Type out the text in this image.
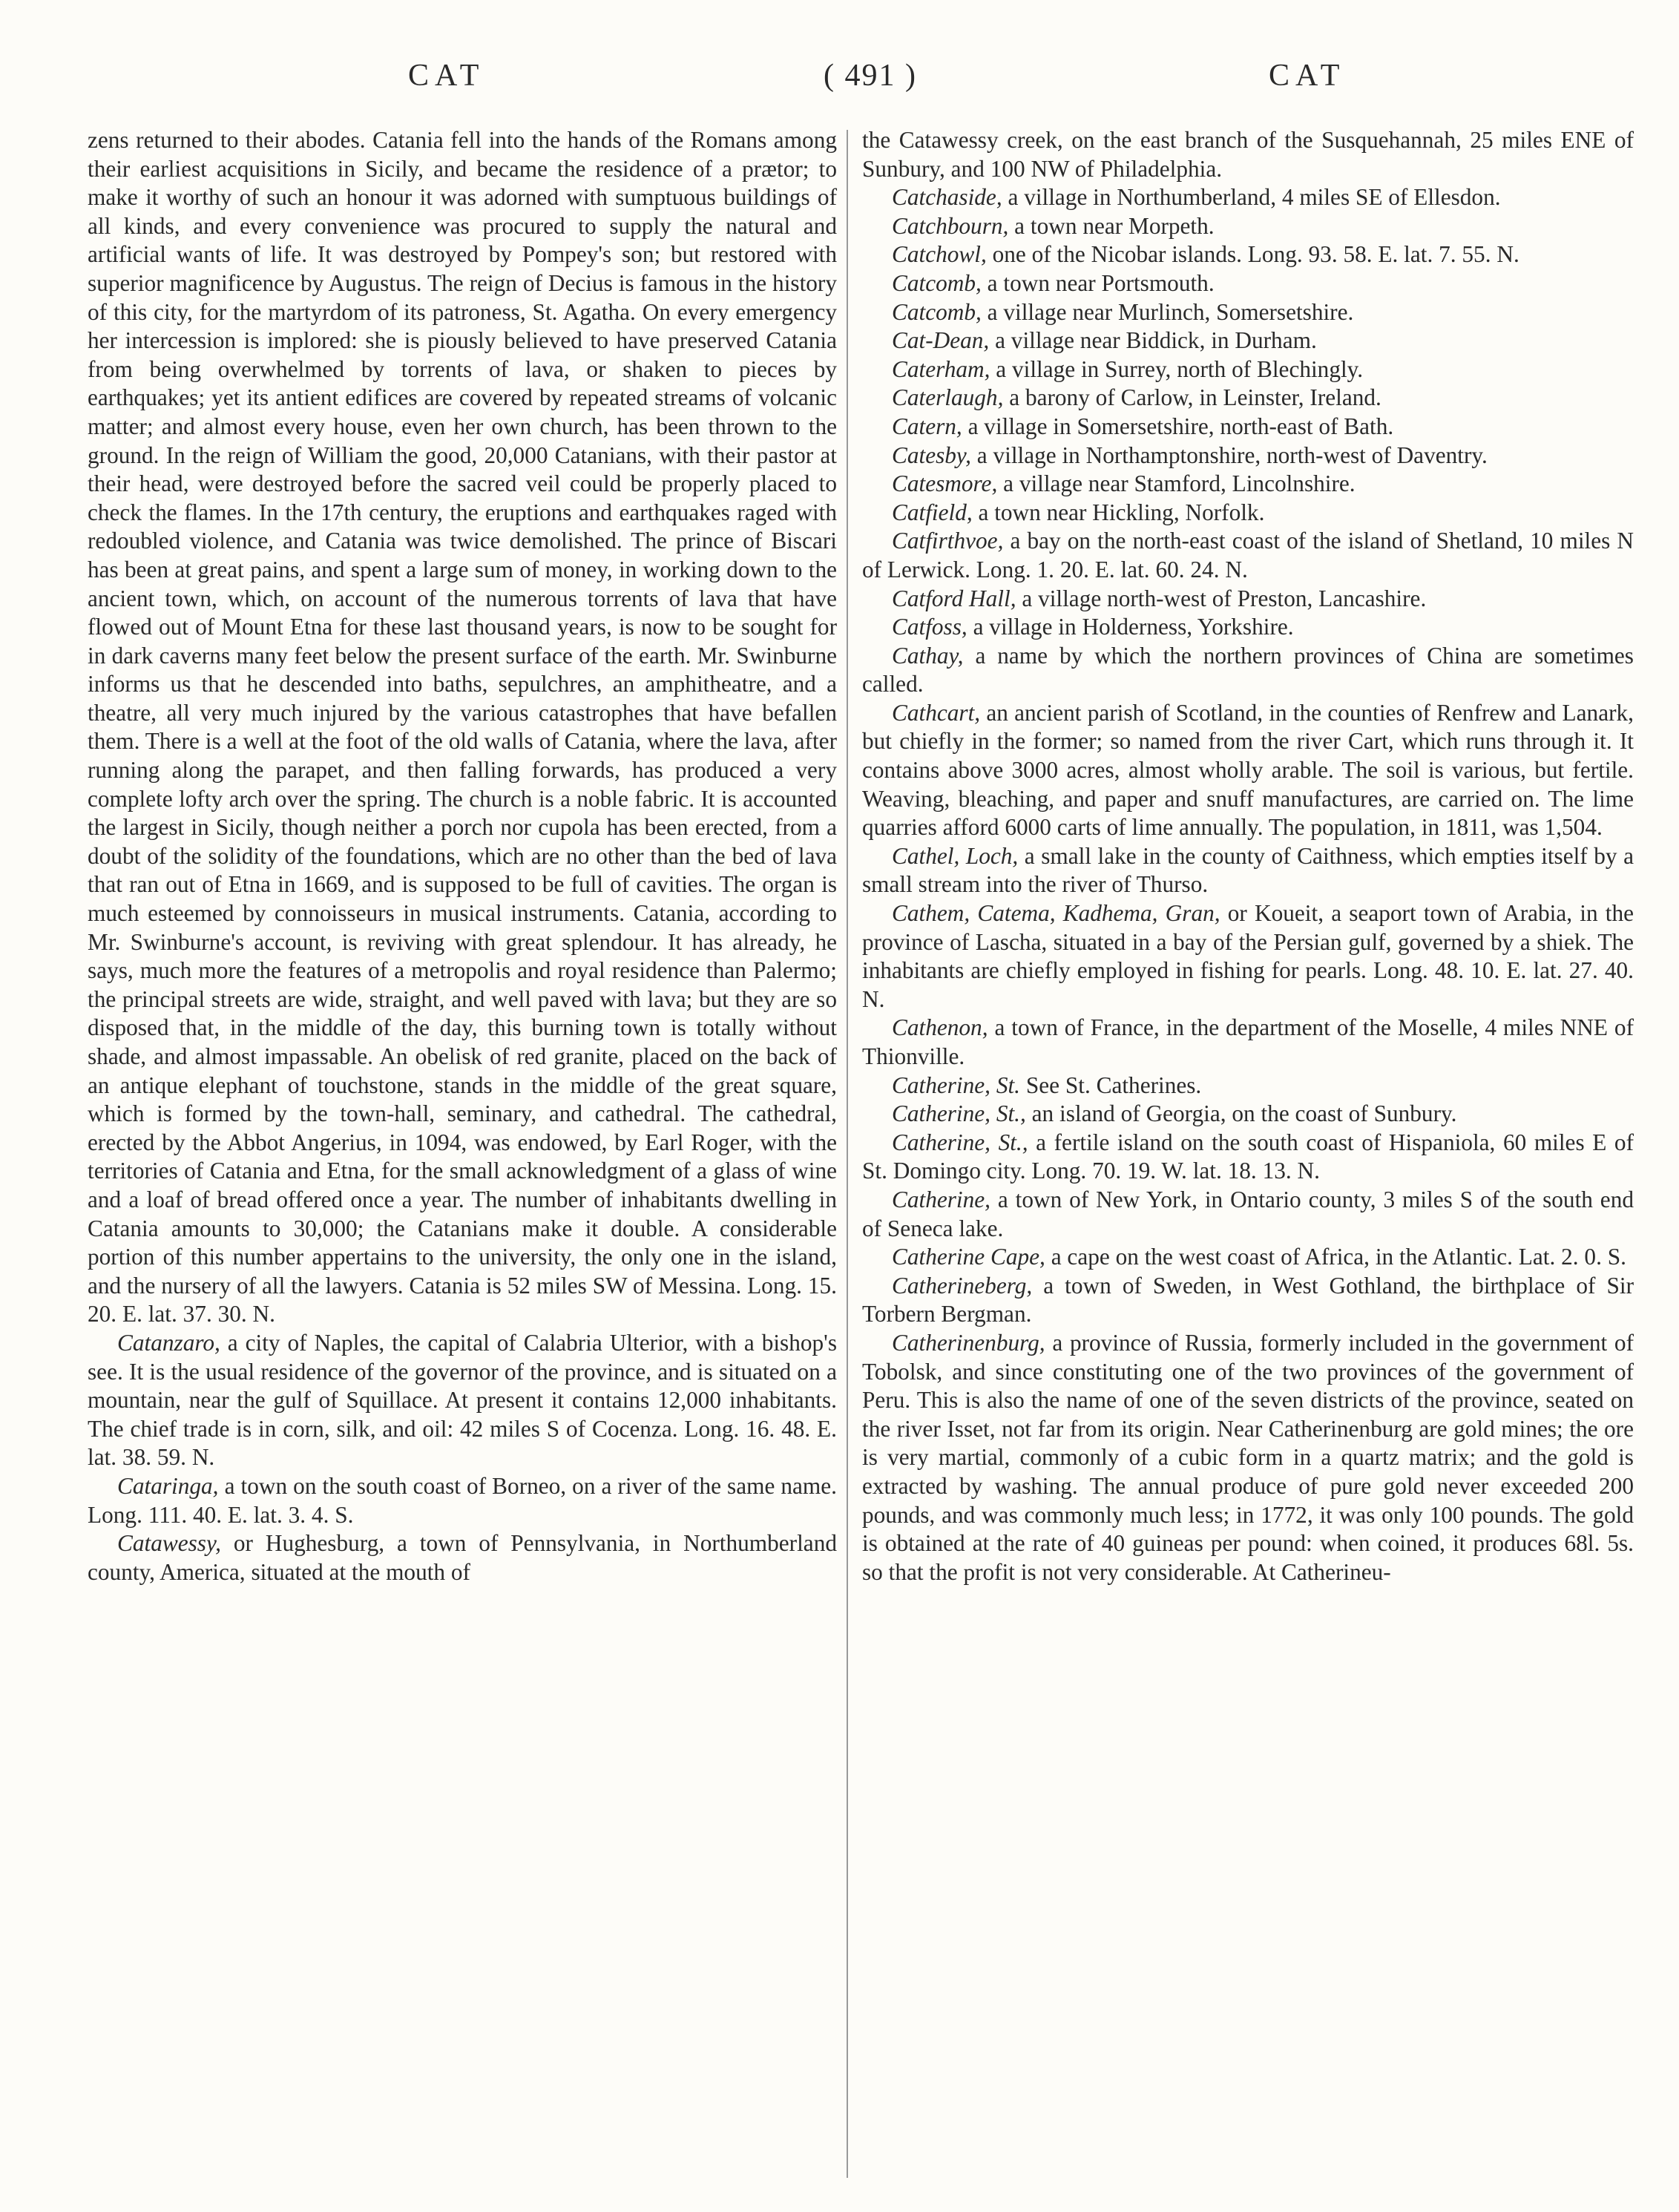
CAT	( 491 )	CAT

zens returned to their abodes. Catania fell into the hands of the Romans among their earliest acquisitions in Sicily, and became the residence of a prætor; to make it worthy of such an honour it was adorned with sumptuous buildings of all kinds, and every convenience was procured to supply the natural and artificial wants of life. It was destroyed by Pompey's son; but restored with superior magnificence by Augustus. The reign of Decius is famous in the history of this city, for the martyrdom of its patroness, St. Agatha. On every emergency her intercession is implored: she is piously believed to have preserved Catania from being overwhelmed by torrents of lava, or shaken to pieces by earthquakes; yet its antient edifices are covered by repeated streams of volcanic matter; and almost every house, even her own church, has been thrown to the ground. In the reign of William the good, 20,000 Catanians, with their pastor at their head, were destroyed before the sacred veil could be properly placed to check the flames. In the 17th century, the eruptions and earthquakes raged with redoubled violence, and Catania was twice demolished. The prince of Biscari has been at great pains, and spent a large sum of money, in working down to the ancient town, which, on account of the numerous torrents of lava that have flowed out of Mount Etna for these last thousand years, is now to be sought for in dark caverns many feet below the present surface of the earth. Mr. Swinburne informs us that he descended into baths, sepulchres, an amphitheatre, and a theatre, all very much injured by the various catastrophes that have befallen them. There is a well at the foot of the old walls of Catania, where the lava, after running along the parapet, and then falling forwards, has produced a very complete lofty arch over the spring. The church is a noble fabric. It is accounted the largest in Sicily, though neither a porch nor cupola has been erected, from a doubt of the solidity of the foundations, which are no other than the bed of lava that ran out of Etna in 1669, and is supposed to be full of cavities. The organ is much esteemed by connoisseurs in musical instruments. Catania, according to Mr. Swinburne's account, is reviving with great splendour. It has already, he says, much more the features of a metropolis and royal residence than Palermo; the principal streets are wide, straight, and well paved with lava; but they are so disposed that, in the middle of the day, this burning town is totally without shade, and almost impassable. An obelisk of red granite, placed on the back of an antique elephant of touchstone, stands in the middle of the great square, which is formed by the town-hall, seminary, and cathedral. The cathedral, erected by the Abbot Angerius, in 1094, was endowed, by Earl Roger, with the territories of Catania and Etna, for the small acknowledgment of a glass of wine and a loaf of bread offered once a year. The number of inhabitants dwelling in Catania amounts to 30,000; the Catanians make it double. A considerable portion of this number appertains to the university, the only one in the island, and the nursery of all the lawyers. Catania is 52 miles SW of Messina. Long. 15. 20. E. lat. 37. 30. N.

Catanzaro, a city of Naples, the capital of Calabria Ulterior, with a bishop's see. It is the usual residence of the governor of the province, and is situated on a mountain, near the gulf of Squillace. At present it contains 12,000 inhabitants. The chief trade is in corn, silk, and oil: 42 miles S of Cocenza. Long. 16. 48. E. lat. 38. 59. N.

Cataringa, a town on the south coast of Borneo, on a river of the same name. Long. 111. 40. E. lat. 3. 4. S.

Catawessy, or Hughesburg, a town of Pennsylvania, in Northumberland county, America, situated at the mouth of

the Catawessy creek, on the east branch of the Susquehannah, 25 miles ENE of Sunbury, and 100 NW of Philadelphia.

Catchaside, a village in Northumberland, 4 miles SE of Ellesdon.

Catchbourn, a town near Morpeth.

Catchowl, one of the Nicobar islands. Long. 93. 58. E. lat. 7. 55. N.

Catcomb, a town near Portsmouth.

Catcomb, a village near Murlinch, Somersetshire.

Cat-Dean, a village near Biddick, in Durham.

Caterham, a village in Surrey, north of Blechingly.

Caterlaugh, a barony of Carlow, in Leinster, Ireland.

Catern, a village in Somersetshire, north-east of Bath.

Catesby, a village in Northamptonshire, north-west of Daventry.

Catesmore, a village near Stamford, Lincolnshire.

Catfield, a town near Hickling, Norfolk.

Catfirthvoe, a bay on the north-east coast of the island of Shetland, 10 miles N of Lerwick. Long. 1. 20. E. lat. 60. 24. N.

Catford Hall, a village north-west of Preston, Lancashire.

Catfoss, a village in Holderness, Yorkshire.

Cathay, a name by which the northern provinces of China are sometimes called.

Cathcart, an ancient parish of Scotland, in the counties of Renfrew and Lanark, but chiefly in the former; so named from the river Cart, which runs through it. It contains above 3000 acres, almost wholly arable. The soil is various, but fertile. Weaving, bleaching, and paper and snuff manufactures, are carried on. The lime quarries afford 6000 carts of lime annually. The population, in 1811, was 1,504.

Cathel, Loch, a small lake in the county of Caithness, which empties itself by a small stream into the river of Thurso.

Cathem, Catema, Kadhema, Gran, or Koueit, a seaport town of Arabia, in the province of Lascha, situated in a bay of the Persian gulf, governed by a shiek. The inhabitants are chiefly employed in fishing for pearls. Long. 48. 10. E. lat. 27. 40. N.

Cathenon, a town of France, in the department of the Moselle, 4 miles NNE of Thionville.

Catherine, St. See St. Catherines.

Catherine, St., an island of Georgia, on the coast of Sunbury.

Catherine, St., a fertile island on the south coast of Hispaniola, 60 miles E of St. Domingo city. Long. 70. 19. W. lat. 18. 13. N.

Catherine, a town of New York, in Ontario county, 3 miles S of the south end of Seneca lake.

Catherine Cape, a cape on the west coast of Africa, in the Atlantic. Lat. 2. 0. S.

Catherineberg, a town of Sweden, in West Gothland, the birthplace of Sir Torbern Bergman.

Catherinenburg, a province of Russia, formerly included in the government of Tobolsk, and since constituting one of the two provinces of the government of Peru. This is also the name of one of the seven districts of the province, seated on the river Isset, not far from its origin. Near Catherinenburg are gold mines; the ore is very martial, commonly of a cubic form in a quartz matrix; and the gold is extracted by washing. The annual produce of pure gold never exceeded 200 pounds, and was commonly much less; in 1772, it was only 100 pounds. The gold is obtained at the rate of 40 guineas per pound: when coined, it produces 68l. 5s. so that the profit is not very considerable. At Catherineu-
